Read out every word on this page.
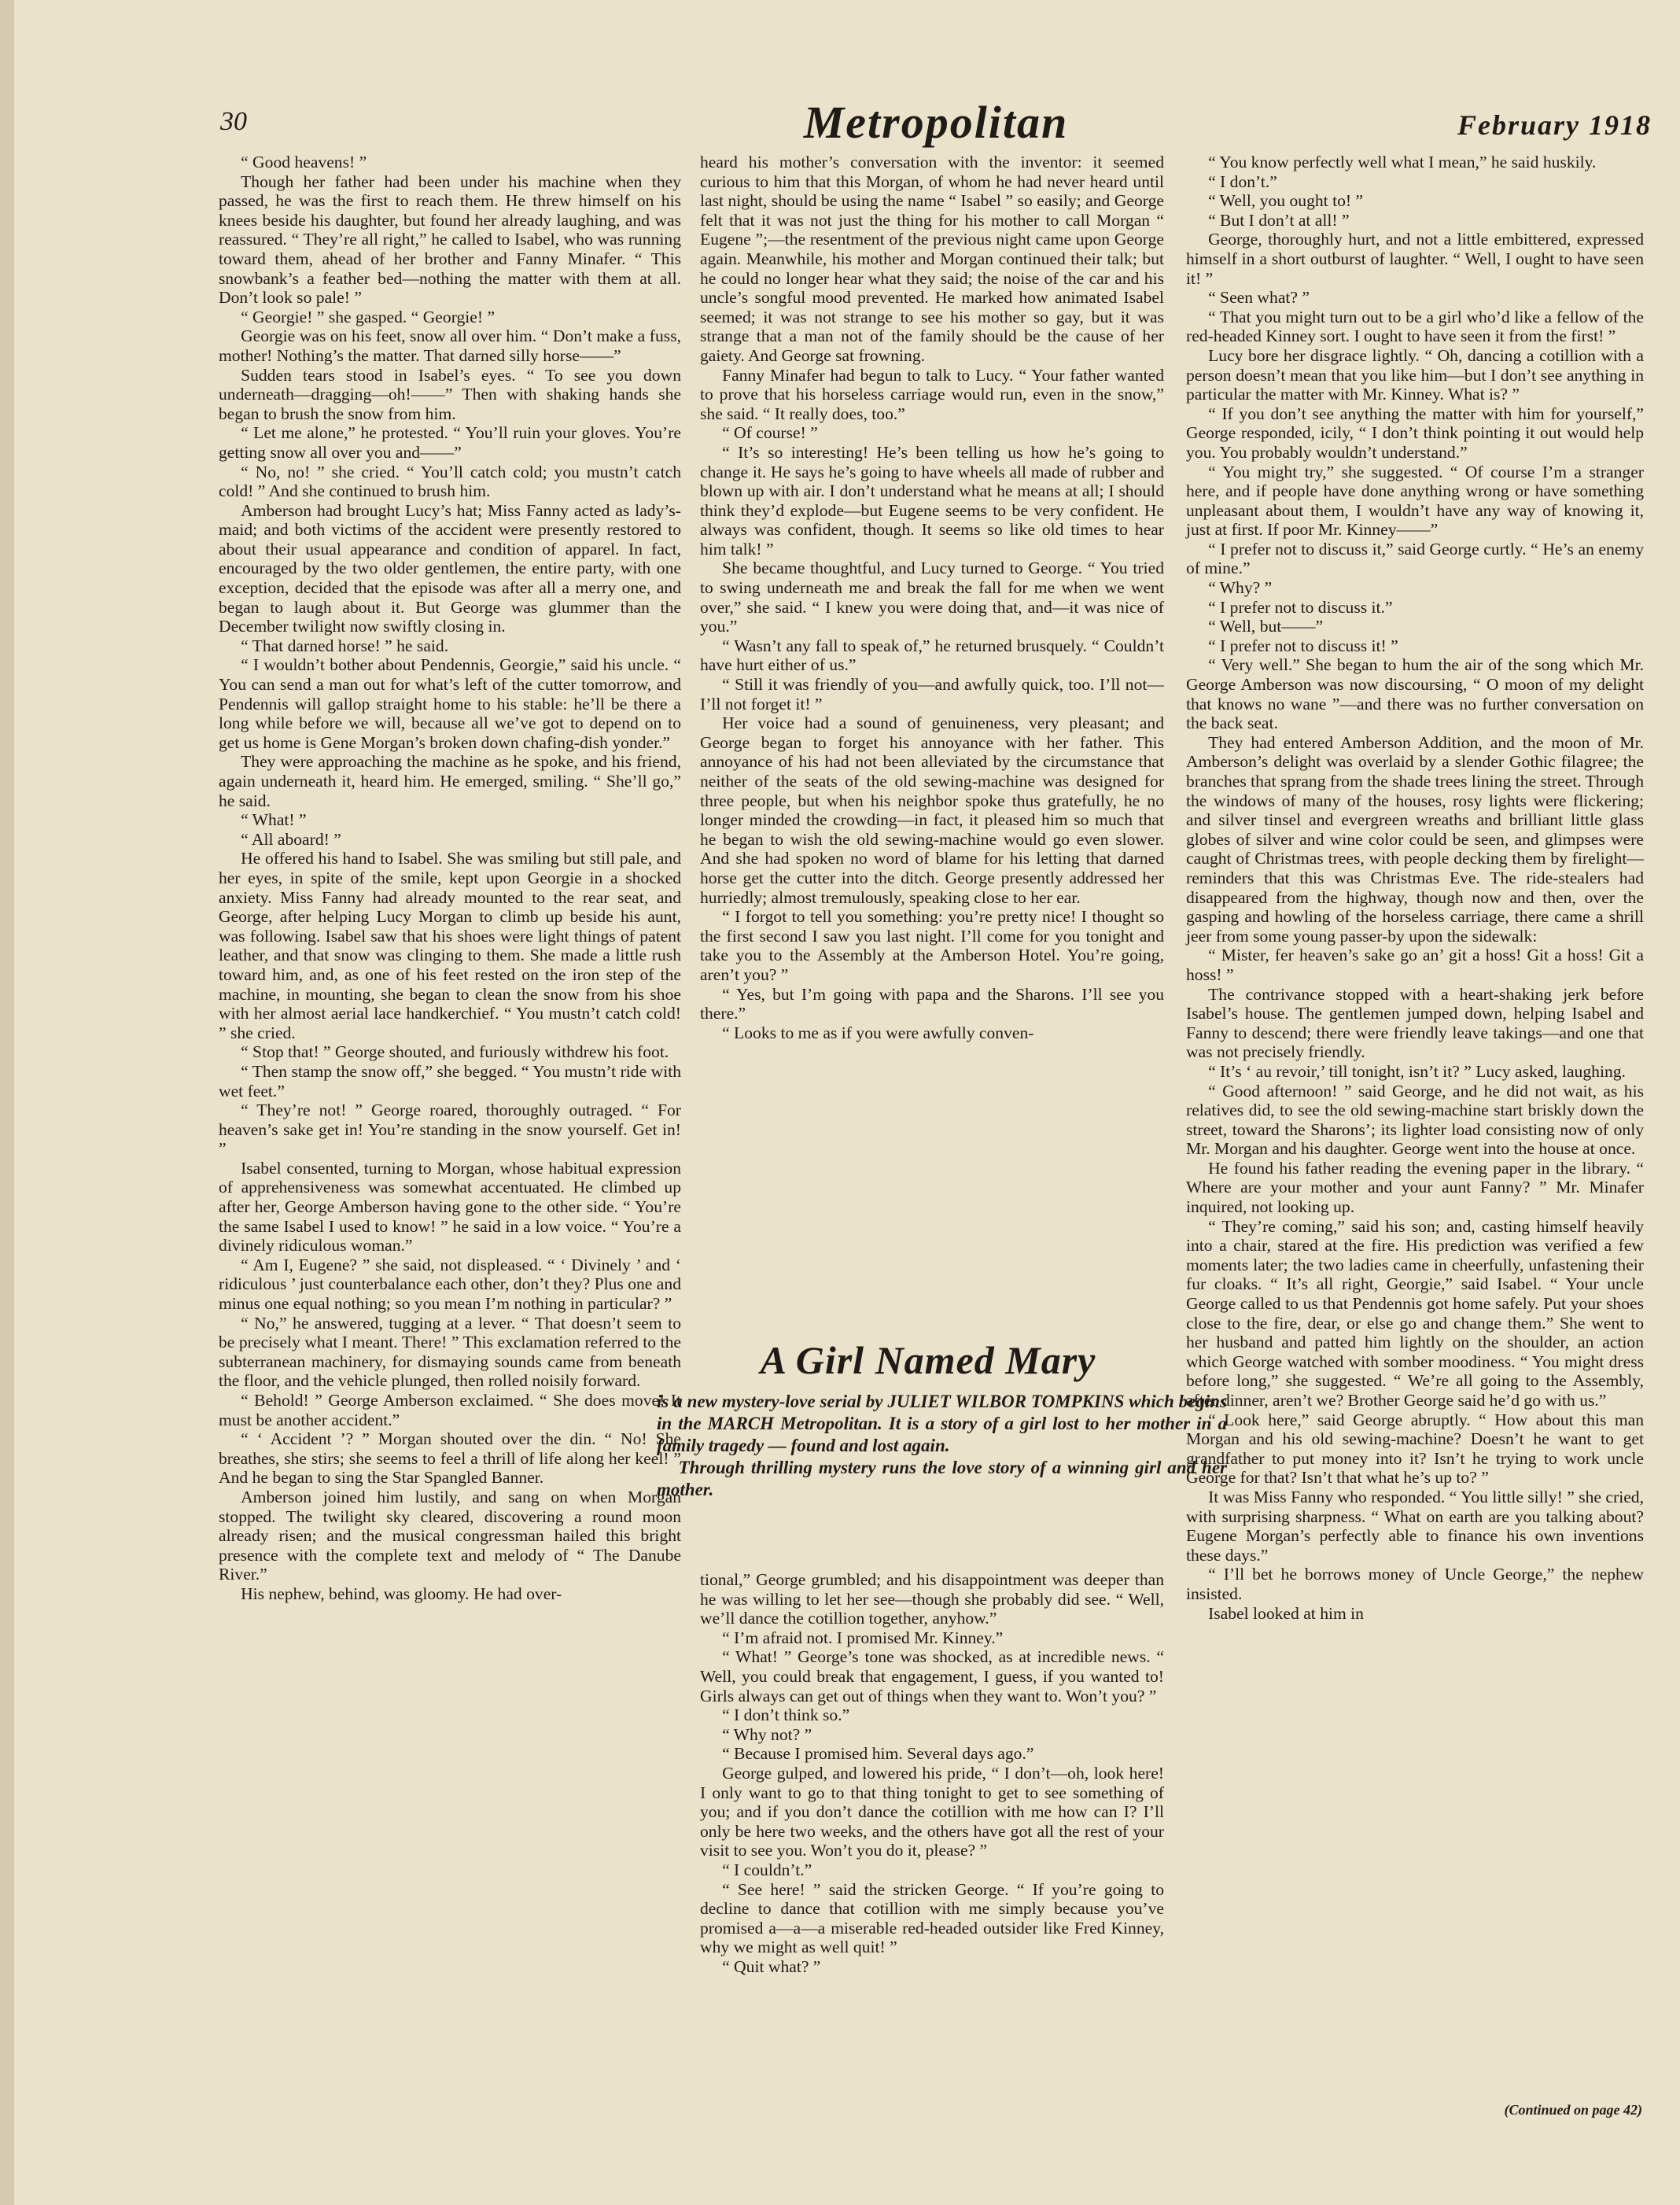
30	Metropolitan	February 1918

“ Good heavens! ”

Though her father had been under his machine when they passed, he was the first to reach them. He threw himself on his knees beside his daughter, but found her already laughing, and was reassured. “ They’re all right,” he called to Isabel, who was running toward them, ahead of her brother and Fanny Minafer. “ This snowbank’s a feather bed—nothing the matter with them at all. Don’t look so pale! ”

“ Georgie! ” she gasped. “ Georgie! ”

Georgie was on his feet, snow all over him. “ Don’t make a fuss, mother! Nothing’s the matter. That darned silly horse——”

Sudden tears stood in Isabel’s eyes. “ To see you down underneath—dragging—oh!——” Then with shaking hands she began to brush the snow from him.

“ Let me alone,” he protested. “ You’ll ruin your gloves. You’re getting snow all over you and——”

“ No, no! ” she cried. “ You’ll catch cold; you mustn’t catch cold! ” And she continued to brush him.

Amberson had brought Lucy’s hat; Miss Fanny acted as lady’s-maid; and both victims of the accident were presently restored to about their usual appearance and condition of apparel. In fact, encouraged by the two older gentlemen, the entire party, with one exception, decided that the episode was after all a merry one, and began to laugh about it. But George was glummer than the December twilight now swiftly closing in.

“ That darned horse! ” he said.

“ I wouldn’t bother about Pendennis, Georgie,” said his uncle. “ You can send a man out for what’s left of the cutter tomorrow, and Pendennis will gallop straight home to his stable: he’ll be there a long while before we will, because all we’ve got to depend on to get us home is Gene Morgan’s broken down chafing-dish yonder.”

They were approaching the machine as he spoke, and his friend, again underneath it, heard him. He emerged, smiling. “ She’ll go,” he said.

“ What! ”

“ All aboard! ”

He offered his hand to Isabel. She was smiling but still pale, and her eyes, in spite of the smile, kept upon Georgie in a shocked anxiety. Miss Fanny had already mounted to the rear seat, and George, after helping Lucy Morgan to climb up beside his aunt, was following. Isabel saw that his shoes were light things of patent leather, and that snow was clinging to them. She made a little rush toward him, and, as one of his feet rested on the iron step of the machine, in mounting, she began to clean the snow from his shoe with her almost aerial lace handkerchief. “ You mustn’t catch cold! ” she cried.

“ Stop that! ” George shouted, and furiously withdrew his foot.

“ Then stamp the snow off,” she begged. “ You mustn’t ride with wet feet.”

“ They’re not! ” George roared, thoroughly outraged. “ For heaven’s sake get in! You’re standing in the snow yourself. Get in! ”

Isabel consented, turning to Morgan, whose habitual expression of apprehensiveness was somewhat accentuated. He climbed up after her, George Amberson having gone to the other side. “ You’re the same Isabel I used to know! ” he said in a low voice. “ You’re a divinely ridiculous woman.”

“ Am I, Eugene? ” she said, not displeased. “ ‘ Divinely ’ and ‘ ridiculous ’ just counterbalance each other, don’t they? Plus one and minus one equal nothing; so you mean I’m nothing in particular? ”

“ No,” he answered, tugging at a lever. “ That doesn’t seem to be precisely what I meant. There! ” This exclamation referred to the subterranean machinery, for dismaying sounds came from beneath the floor, and the vehicle plunged, then rolled noisily forward.

“ Behold! ” George Amberson exclaimed. “ She does move! It must be another accident.”

“ ‘ Accident ’? ” Morgan shouted over the din. “ No! She breathes, she stirs; she seems to feel a thrill of life along her keel! ” And he began to sing the Star Spangled Banner.

Amberson joined him lustily, and sang on when Morgan stopped. The twilight sky cleared, discovering a round moon already risen; and the musical congressman hailed this bright presence with the complete text and melody of “ The Danube River.”

His nephew, behind, was gloomy. He had over-

heard his mother’s conversation with the inventor: it seemed curious to him that this Morgan, of whom he had never heard until last night, should be using the name “ Isabel ” so easily; and George felt that it was not just the thing for his mother to call Morgan “ Eugene ”;—the resentment of the previous night came upon George again. Meanwhile, his mother and Morgan continued their talk; but he could no longer hear what they said; the noise of the car and his uncle’s songful mood prevented. He marked how animated Isabel seemed; it was not strange to see his mother so gay, but it was strange that a man not of the family should be the cause of her gaiety. And George sat frowning.

Fanny Minafer had begun to talk to Lucy. “ Your father wanted to prove that his horseless carriage would run, even in the snow,” she said. “ It really does, too.”

“ Of course! ”

“ It’s so interesting! He’s been telling us how he’s going to change it. He says he’s going to have wheels all made of rubber and blown up with air. I don’t understand what he means at all; I should think they’d explode—but Eugene seems to be very confident. He always was confident, though. It seems so like old times to hear him talk! ”

She became thoughtful, and Lucy turned to George. “ You tried to swing underneath me and break the fall for me when we went over,” she said. “ I knew you were doing that, and—it was nice of you.”

“ Wasn’t any fall to speak of,” he returned brusquely. “ Couldn’t have hurt either of us.”

“ Still it was friendly of you—and awfully quick, too. I’ll not—I’ll not forget it! ”

Her voice had a sound of genuineness, very pleasant; and George began to forget his annoyance with her father. This annoyance of his had not been alleviated by the circumstance that neither of the seats of the old sewing-machine was designed for three people, but when his neighbor spoke thus gratefully, he no longer minded the crowding—in fact, it pleased him so much that he began to wish the old sewing-machine would go even slower. And she had spoken no word of blame for his letting that darned horse get the cutter into the ditch. George presently addressed her hurriedly; almost tremulously, speaking close to her ear.

“ I forgot to tell you something: you’re pretty nice! I thought so the first second I saw you last night. I’ll come for you tonight and take you to the Assembly at the Amberson Hotel. You’re going, aren’t you? ”

“ Yes, but I’m going with papa and the Sharons. I’ll see you there.”

“ Looks to me as if you were awfully conven-

tional,” George grumbled; and his disappointment was deeper than he was willing to let her see—though she probably did see. “ Well, we’ll dance the cotillion together, anyhow.”

“ I’m afraid not. I promised Mr. Kinney.”

“ What! ” George’s tone was shocked, as at incredible news. “ Well, you could break that engagement, I guess, if you wanted to! Girls always can get out of things when they want to. Won’t you? ”

“ I don’t think so.”

“ Why not? ”

“ Because I promised him. Several days ago.”

George gulped, and lowered his pride, “ I don’t—oh, look here! I only want to go to that thing tonight to get to see something of you; and if you don’t dance the cotillion with me how can I? I’ll only be here two weeks, and the others have got all the rest of your visit to see you. Won’t you do it, please? ”

“ I couldn’t.”

“ See here! ” said the stricken George. “ If you’re going to decline to dance that cotillion with me simply because you’ve promised a—a—a miserable red-headed outsider like Fred Kinney, why we might as well quit! ”

“ Quit what? ”

“ You know perfectly well what I mean,” he said huskily.

“ I don’t.”

“ Well, you ought to! ”

“ But I don’t at all! ”

George, thoroughly hurt, and not a little embittered, expressed himself in a short outburst of laughter. “ Well, I ought to have seen it! ”

“ Seen what? ”

“ That you might turn out to be a girl who’d like a fellow of the red-headed Kinney sort. I ought to have seen it from the first! ”

Lucy bore her disgrace lightly. “ Oh, dancing a cotillion with a person doesn’t mean that you like him—but I don’t see anything in particular the matter with Mr. Kinney. What is? ”

“ If you don’t see anything the matter with him for yourself,” George responded, icily, “ I don’t think pointing it out would help you. You probably wouldn’t understand.”

“ You might try,” she suggested. “ Of course I’m a stranger here, and if people have done anything wrong or have something unpleasant about them, I wouldn’t have any way of knowing it, just at first. If poor Mr. Kinney——”

“ I prefer not to discuss it,” said George curtly. “ He’s an enemy of mine.”

“ Why? ”

“ I prefer not to discuss it.”

“ Well, but——”

“ I prefer not to discuss it! ”

“ Very well.” She began to hum the air of the song which Mr. George Amberson was now discoursing, “ O moon of my delight that knows no wane ”—and there was no further conversation on the back seat.

They had entered Amberson Addition, and the moon of Mr. Amberson’s delight was overlaid by a slender Gothic filagree; the branches that sprang from the shade trees lining the street. Through the windows of many of the houses, rosy lights were flickering; and silver tinsel and evergreen wreaths and brilliant little glass globes of silver and wine color could be seen, and glimpses were caught of Christmas trees, with people decking them by firelight—reminders that this was Christmas Eve. The ride-stealers had disappeared from the highway, though now and then, over the gasping and howling of the horseless carriage, there came a shrill jeer from some young passer-by upon the sidewalk:

“ Mister, fer heaven’s sake go an’ git a hoss! Git a hoss! Git a hoss! ”

The contrivance stopped with a heart-shaking jerk before Isabel’s house. The gentlemen jumped down, helping Isabel and Fanny to descend; there were friendly leave takings—and one that was not precisely friendly.

“ It’s ‘ au revoir,’ till tonight, isn’t it? ” Lucy asked, laughing.

“ Good afternoon! ” said George, and he did not wait, as his relatives did, to see the old sewing-machine start briskly down the street, toward the Sharons’; its lighter load consisting now of only Mr. Morgan and his daughter. George went into the house at once.

He found his father reading the evening paper in the library. “ Where are your mother and your aunt Fanny? ” Mr. Minafer inquired, not looking up.

“ They’re coming,” said his son; and, casting himself heavily into a chair, stared at the fire. His prediction was verified a few moments later; the two ladies came in cheerfully, unfastening their fur cloaks. “ It’s all right, Georgie,” said Isabel. “ Your uncle George called to us that Pendennis got home safely. Put your shoes close to the fire, dear, or else go and change them.” She went to her husband and patted him lightly on the shoulder, an action which George watched with somber moodiness. “ You might dress before long,” she suggested. “ We’re all going to the Assembly, after dinner, aren’t we? Brother George said he’d go with us.”

“ Look here,” said George abruptly. “ How about this man Morgan and his old sewing-machine? Doesn’t he want to get grandfather to put money into it? Isn’t he trying to work uncle George for that? Isn’t that what he’s up to? ”

It was Miss Fanny who responded. “ You little silly! ” she cried, with surprising sharpness. “ What on earth are you talking about? Eugene Morgan’s perfectly able to finance his own inventions these days.”

“ I’ll bet he borrows money of Uncle George,” the nephew insisted.

Isabel looked at him in

A Girl Named Mary

is a new mystery-love serial by JULIET WILBOR TOMPKINS which begins in the MARCH Metropolitan. It is a story of a girl lost to her mother in a family tragedy — found and lost again.

Through thrilling mystery runs the love story of a winning girl and her mother.

(Continued on page 42)
